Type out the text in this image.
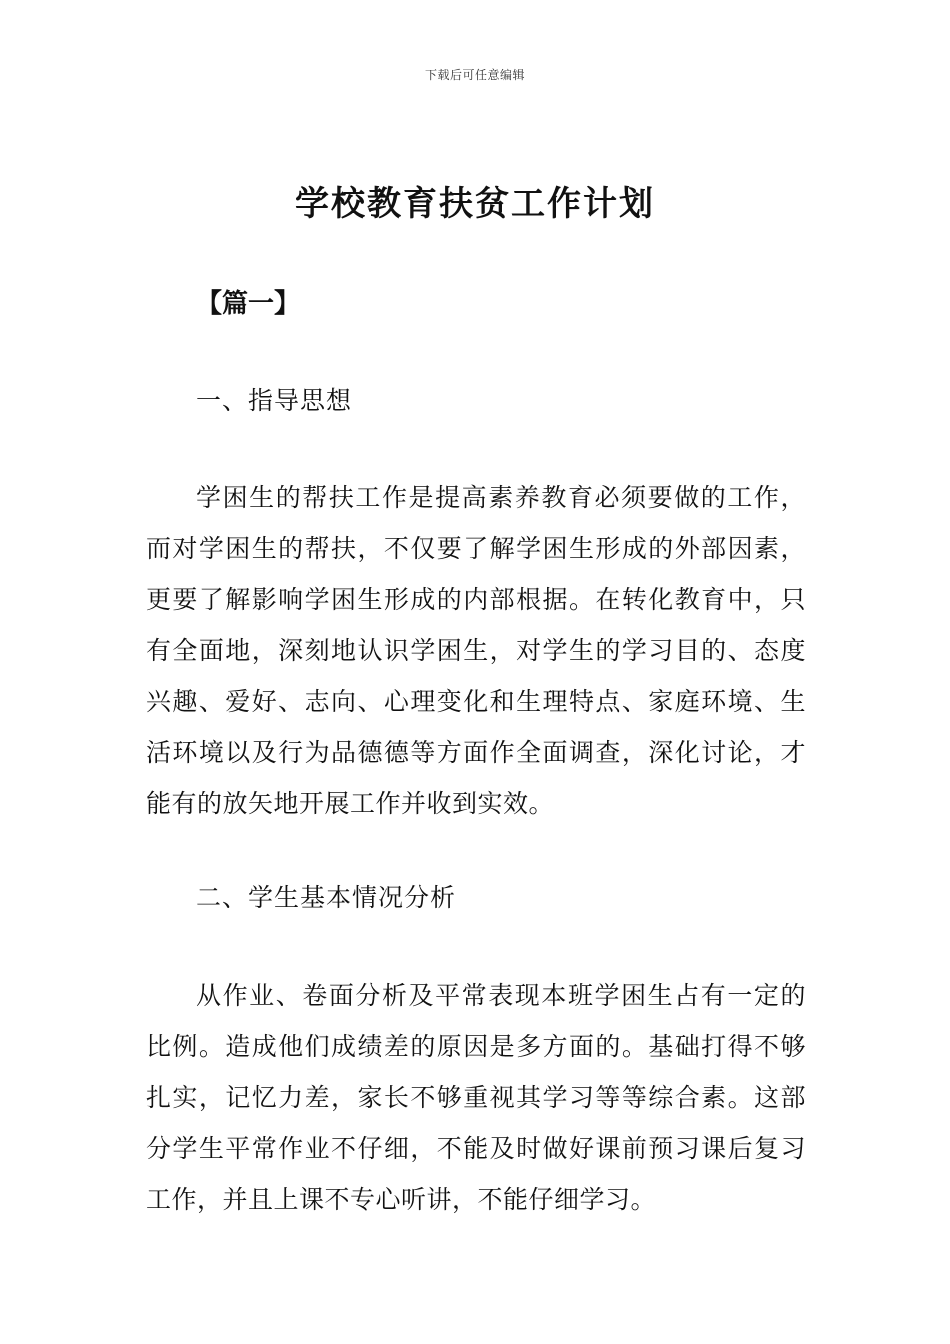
下载后可任意编辑
学校教育扶贫工作计划
【篇一】
一、指导思想

学困生的帮扶工作是提高素养教育必须要做的工作，而对学困生的帮扶，不仅要了解学困生形成的外部因素，更要了解影响学困生形成的内部根据。在转化教育中，只有全面地，深刻地认识学困生，对学生的学习目的、态度兴趣、爱好、志向、心理变化和生理特点、家庭环境、生活环境以及行为品德德等方面作全面调查，深化讨论，才能有的放矢地开展工作并收到实效。

二、学生基本情况分析

从作业、卷面分析及平常表现本班学困生占有一定的比例。造成他们成绩差的原因是多方面的。基础打得不够扎实，记忆力差，家长不够重视其学习等等综合素。这部分学生平常作业不仔细，不能及时做好课前预习课后复习工作，并且上课不专心听讲，不能仔细学习。
